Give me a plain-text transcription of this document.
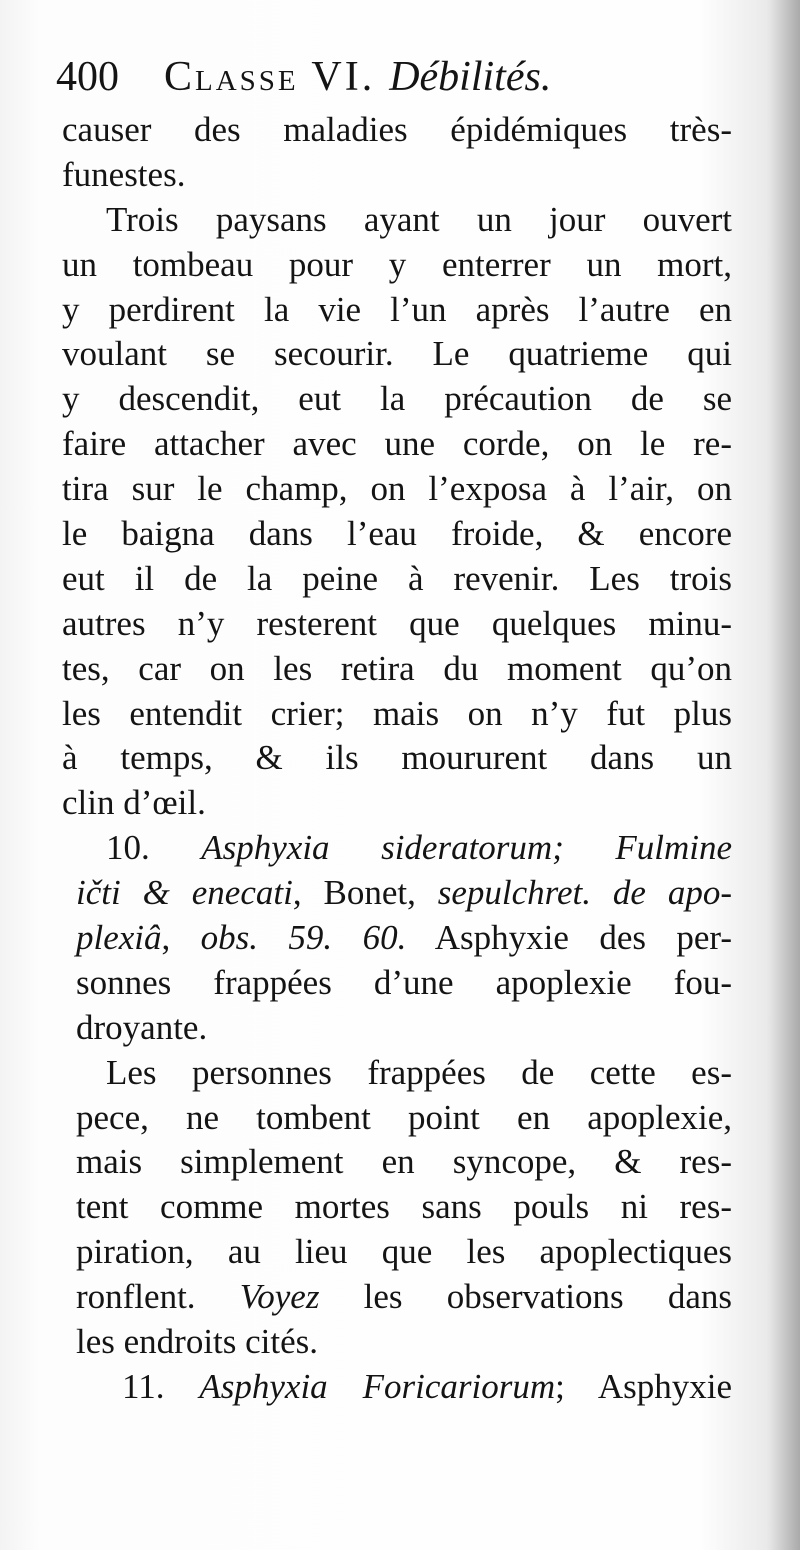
400 Classe VI. Débilités.
causer des maladies épidémiques très-
funestes.
Trois paysans ayant un jour ouvert
un tombeau pour y enterrer un mort,
y perdirent la vie l’un après l’autre en
voulant se secourir. Le quatrieme qui
y descendit, eut la précaution de se
faire attacher avec une corde, on le re-
tira sur le champ, on l’exposa à l’air, on
le baigna dans l’eau froide, & encore
eut il de la peine à revenir. Les trois
autres n’y resterent que quelques minu-
tes, car on les retira du moment qu’on
les entendit crier; mais on n’y fut plus
à temps, & ils moururent dans un
clin d’œil.
10. Asphyxia sideratorum; Fulmine
ičti & enecati, Bonet, sepulchret. de apo-
plexiâ, obs. 59. 60. Asphyxie des per-
sonnes frappées d’une apoplexie fou-
droyante.
Les personnes frappées de cette es-
pece, ne tombent point en apoplexie,
mais simplement en syncope, & res-
tent comme mortes sans pouls ni res-
piration, au lieu que les apoplectiques
ronflent. Voyez les observations dans
les endroits cités.
11. Asphyxia Foricariorum; Asphyxie
